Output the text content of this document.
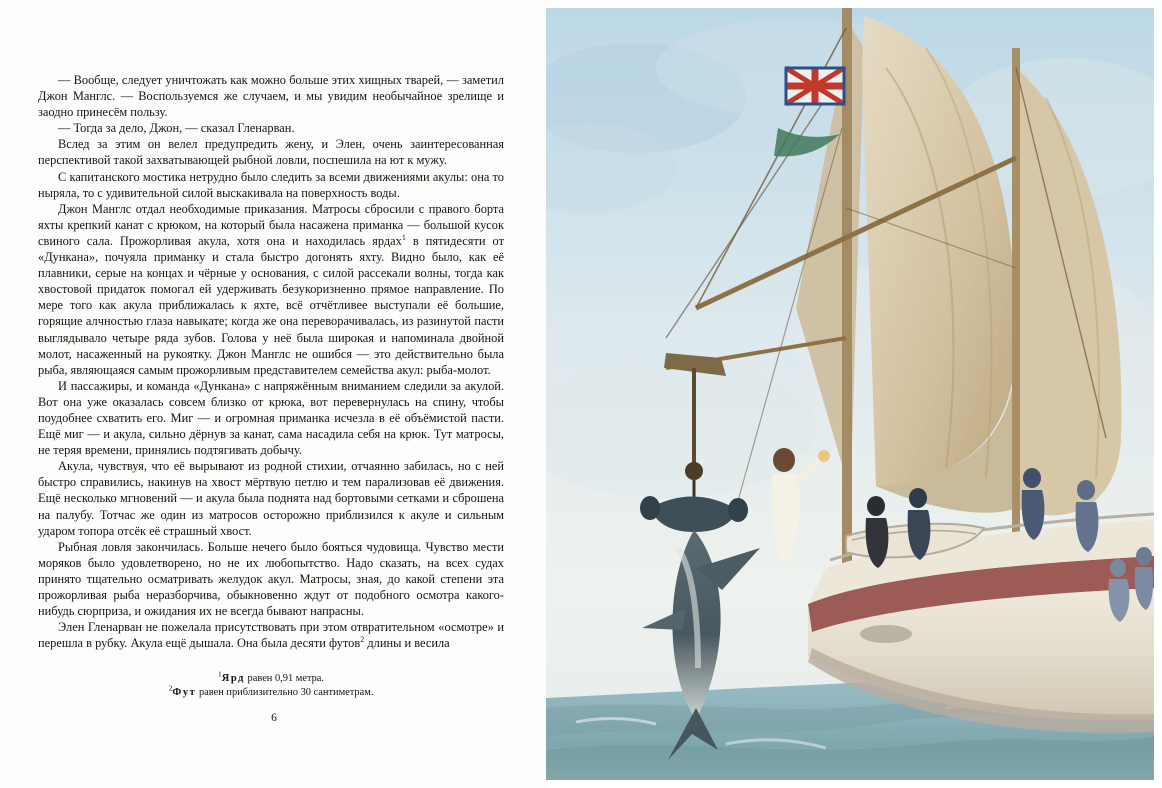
— Вообще, следует уничтожать как можно больше этих хищных тварей, — заметил Джон Манглс. — Воспользуемся же случаем, и мы увидим необычайное зрелище и заодно принесём пользу.

— Тогда за дело, Джон, — сказал Гленарван.

Вслед за этим он велел предупредить жену, и Элен, очень заинтересованная перспективой такой захватывающей рыбной ловли, поспешила на ют к мужу.

С капитанского мостика нетрудно было следить за всеми движениями акулы: она то ныряла, то с удивительной силой выскакивала на поверхность воды.

Джон Манглс отдал необходимые приказания. Матросы сбросили с правого борта яхты крепкий канат с крюком, на который была насажена приманка — большой кусок свиного сала. Прожорливая акула, хотя она и находилась ярдах$^1$ в пятидесяти от «Дункана», почуяла приманку и стала быстро догонять яхту. Видно было, как её плавники, серые на концах и чёрные у основания, с силой рассекали волны, тогда как хвостовой придаток помогал ей удерживать безукоризненно прямое направление. По мере того как акула приближалась к яхте, всё отчётливее выступали её большие, горящие алчностью глаза навыкате; когда же она переворачивалась, из разинутой пасти выглядывало четыре ряда зубов. Голова у неё была широкая и напоминала двойной молот, насаженный на рукоятку. Джон Манглс не ошибся — это действительно была рыба, являющаяся самым прожорливым представителем семейства акул: рыба-молот.

И пассажиры, и команда «Дункана» с напряжённым вниманием следили за акулой. Вот она уже оказалась совсем близко от крюка, вот перевернулась на спину, чтобы поудобнее схватить его. Миг — и огромная приманка исчезла в её объёмистой пасти. Ещё миг — и акула, сильно дёрнув за канат, сама насадила себя на крюк. Тут матросы, не теряя времени, принялись подтягивать добычу.

Акула, чувствуя, что её вырывают из родной стихии, отчаянно забилась, но с ней быстро справились, накинув на хвост мёртвую петлю и тем парализовав её движения. Ещё несколько мгновений — и акула была поднята над бортовыми сетками и сброшена на палубу. Тотчас же один из матросов осторожно приблизился к акуле и сильным ударом топора отсёк её страшный хвост.

Рыбная ловля закончилась. Больше нечего было бояться чудовища. Чувство мести моряков было удовлетворено, но не их любопытство. Надо сказать, на всех судах принято тщательно осматривать желудок акул. Матросы, зная, до какой степени эта прожорливая рыба неразборчива, обыкновенно ждут от подобного осмотра какого-нибудь сюрприза, и ожидания их не всегда бывают напрасны.

Элен Гленарван не пожелала присутствовать при этом отвратительном «осмотре» и перешла в рубку. Акула ещё дышала. Она была десяти футов$^2$ длины и весила

$^1$Ярд равен 0,91 метра.

$^2$Фут равен приблизительно 30 сантиметрам.

6
